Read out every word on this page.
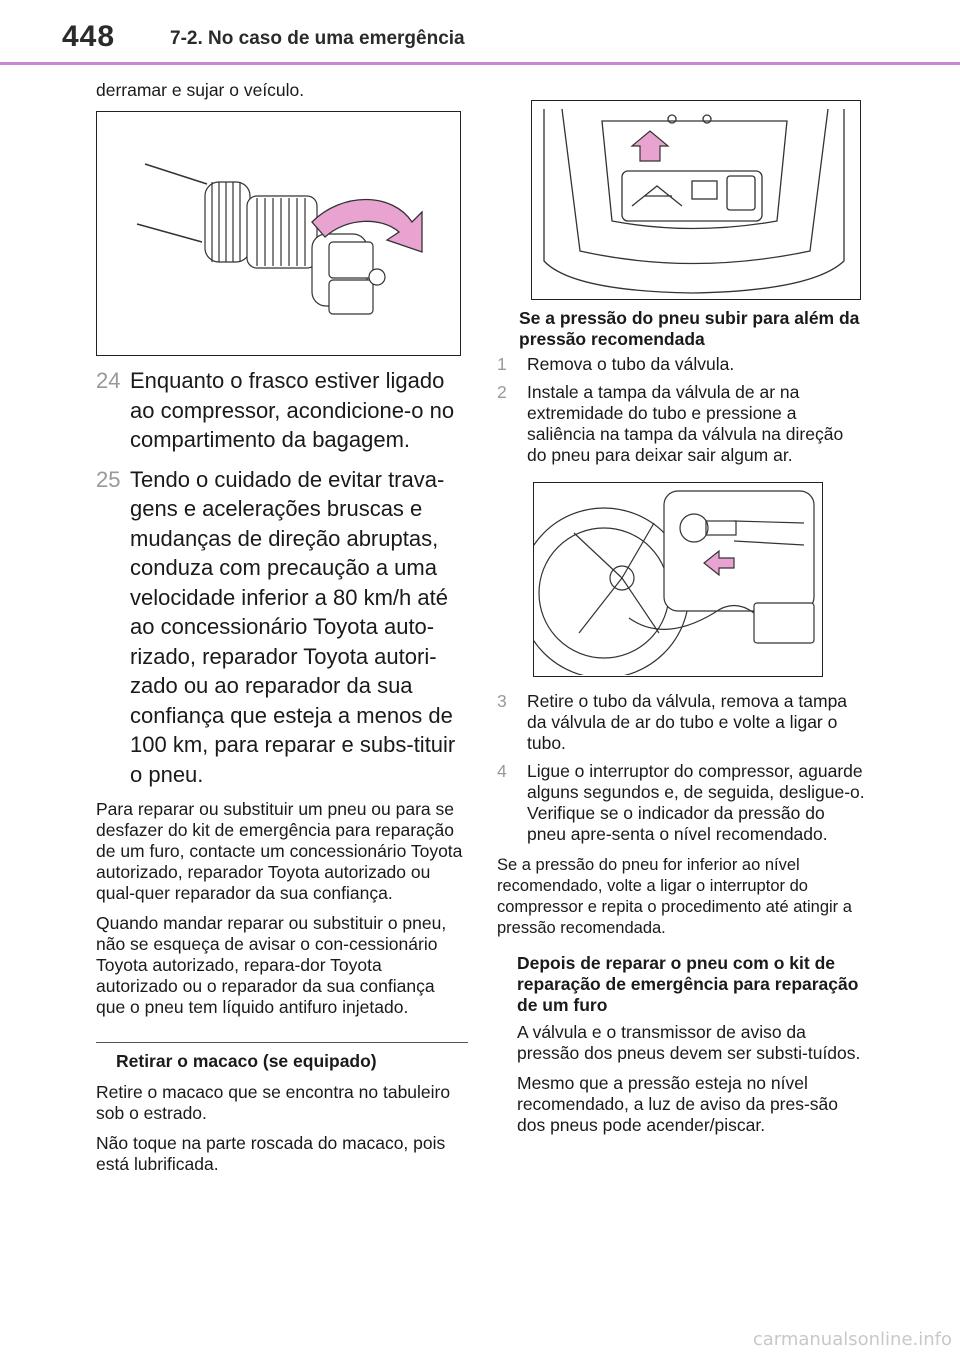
448	7-2. No caso de uma emergência

derramar e sujar o veículo.

24 Enquanto o frasco estiver ligado ao compressor, acondicione-o no compartimento da bagagem.
25 Tendo o cuidado de evitar trava-gens e acelerações bruscas e mudanças de direção abruptas, conduza com precaução a uma velocidade inferior a 80 km/h até ao concessionário Toyota auto-rizado, reparador Toyota autori-zado ou ao reparador da sua confiança que esteja a menos de 100 km, para reparar e subs-tituir o pneu.

Para reparar ou substituir um pneu ou para se desfazer do kit de emergência para reparação de um furo, contacte um concessionário Toyota autorizado, reparador Toyota autorizado ou qual-quer reparador da sua confiança.

Quando mandar reparar ou substituir o pneu, não se esqueça de avisar o con-cessionário Toyota autorizado, repara-dor Toyota autorizado ou o reparador da sua confiança que o pneu tem líquido antifuro injetado.

Retirar o macaco (se equipado)

Retire o macaco que se encontra no tabuleiro sob o estrado.

Não toque na parte roscada do macaco, pois está lubrificada.

Se a pressão do pneu subir para além da pressão recomendada
1	Remova o tubo da válvula.
2	Instale a tampa da válvula de ar na extremidade do tubo e pressione a saliência na tampa da válvula na direção do pneu para deixar sair algum ar.
3	Retire o tubo da válvula, remova a tampa da válvula de ar do tubo e volte a ligar o tubo.
4	Ligue o interruptor do compressor, aguarde alguns segundos e, de seguida, desligue-o. Verifique se o indicador da pressão do pneu apre-senta o nível recomendado.

Se a pressão do pneu for inferior ao nível recomendado, volte a ligar o interruptor do compressor e repita o procedimento até atingir a pressão recomendada.

Depois de reparar o pneu com o kit de reparação de emergência para reparação de um furo

A válvula e o transmissor de aviso da pressão dos pneus devem ser substi-tuídos.

Mesmo que a pressão esteja no nível recomendado, a luz de aviso da pres-são dos pneus pode acender/piscar.

carmanualsonline.info
